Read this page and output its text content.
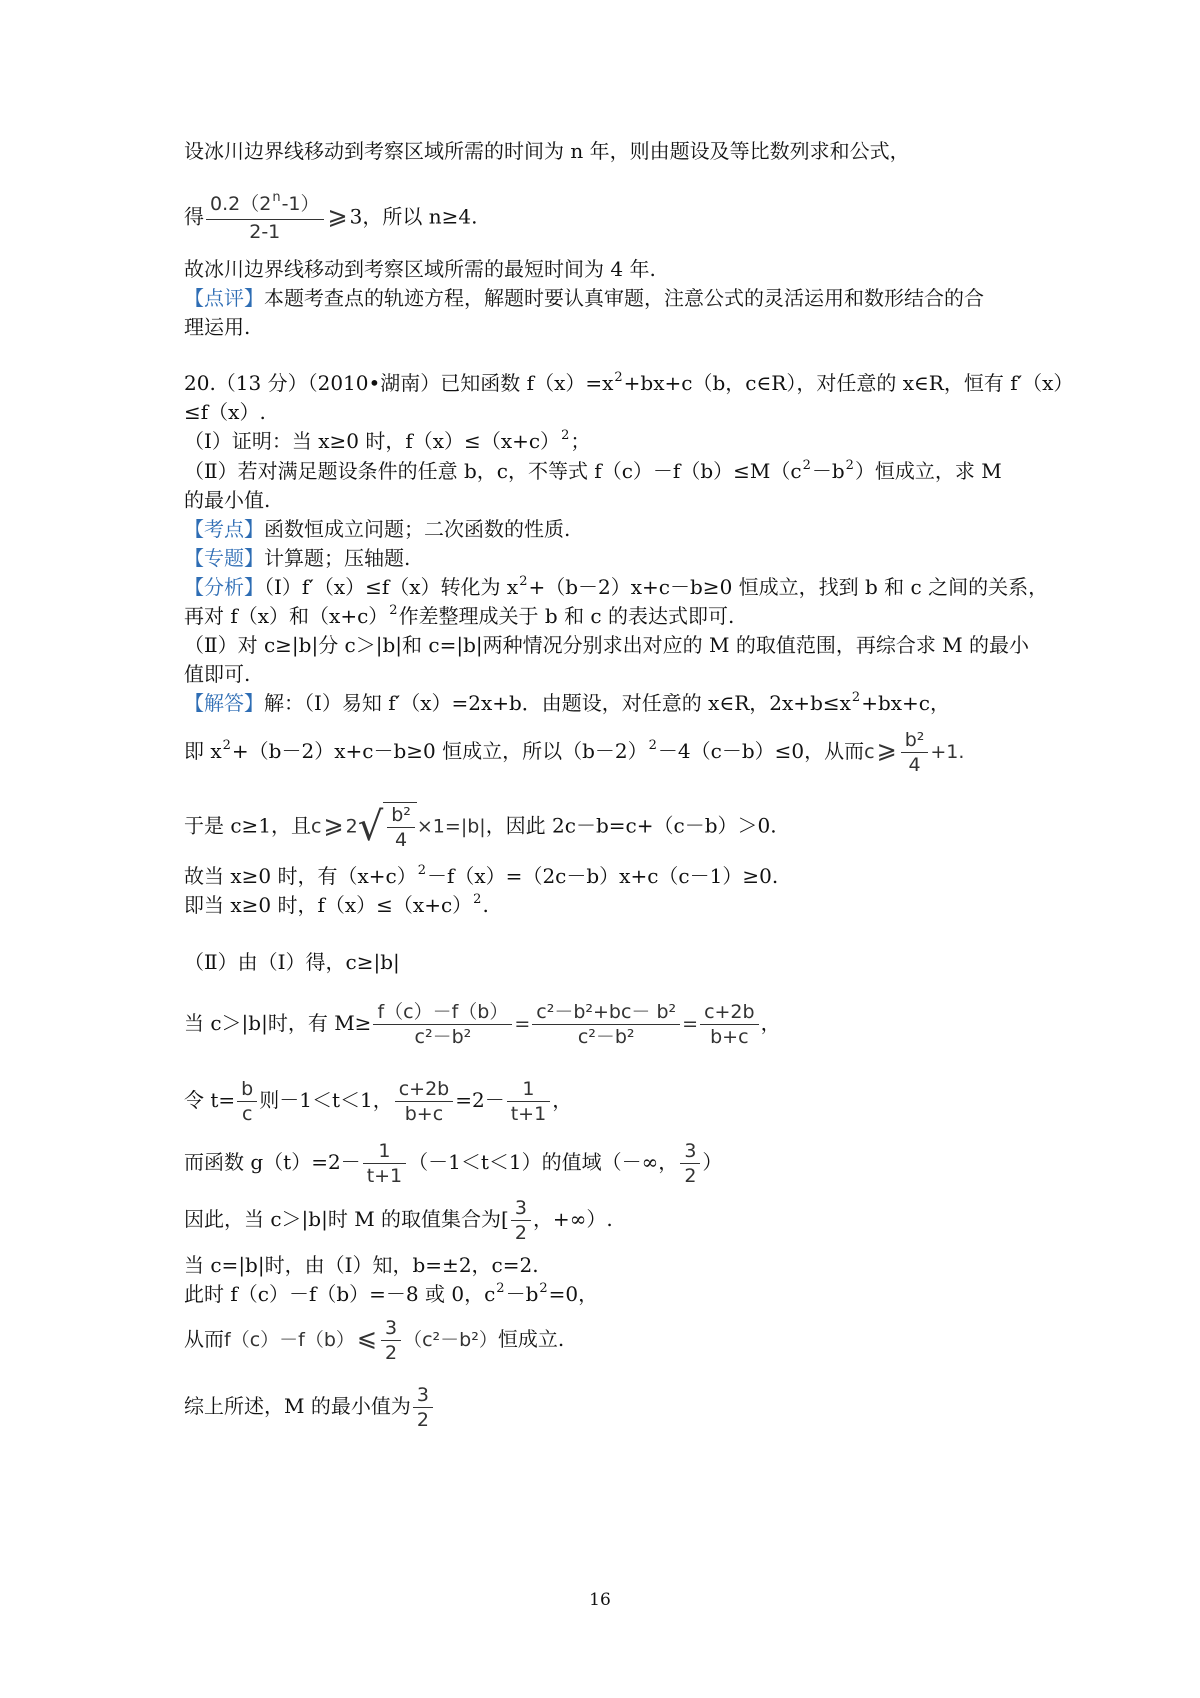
设冰川边界线移动到考察区域所需的时间为 n 年，则由题设及等比数列求和公式，
得 $\frac{0.2(2^n-1)}{2-1}$ ⩾ 3，所以 n≥4.
故冰川边界线移动到考察区域所需的最短时间为 4 年.
【点评】本题考查点的轨迹方程，解题时要认真审题，注意公式的灵活运用和数形结合的合
理运用.
20.（13 分）（2010•湖南）已知函数 $f(x)=x^2+bx+c(b$，c∈R），对任意的 x∈R，恒有 f′（x）
≤f（x）.
（Ⅰ）证明：当 x≥0 时，$f(x)\le(x+c)^2$；
（Ⅱ）若对满足题设条件的任意 b，c，不等式 $f(c)-f(b)\le M(c^2-b^2)$恒成立，求 M
的最小值.
【考点】函数恒成立问题；二次函数的性质.
【专题】计算题；压轴题.
【分析】（Ⅰ）f′（x）≤f（x）转化为 $x^2+(b-2)x+c-b\ge 0$ 恒成立，找到 b 和 c 之间的关系，
再对 f（x）和$(x+c)^2$作差整理成关于 b 和 c 的表达式即可.
（Ⅱ）对 c≥|b|分 c＞|b|和 c=|b|两种情况分别求出对应的 M 的取值范围，再综合求 M 的最小
值即可.
【解答】解：（Ⅰ）易知 f′（x）=2x+b．由题设，对任意的 x∈R，$2x+b\le x^2+bx+c$，
即 $x^2+(b-2)x+c-b\ge 0$ 恒成立，所以$(b-2)^2-4(c-b)\le 0$，从而c⩾ $\frac{\text{b²}}{4} +1$.
于是 c≥1，且c⩾ $2√ \frac{\text{b²}}{4} \times 1=|b|$，因此 2c－b=c+（c－b）＞0.
故当 x≥0 时，有$(x+c)^2-f(x)=(2c-b)x+c(c-1)\ge 0$.
即当 x≥0 时，$f(x)\le(x+c)^2$.
（Ⅱ）由（Ⅰ）得，c≥|b|
当 c＞|b|时，有 $M\ge \frac{f(c)-f(b)}{\text{c²－b²}} = \frac{\text{c²－b²+bc－ b²}}{\text{c²－b²}} = \frac{c+2b}{b+c}$ ，
令 $t= \frac{b}{c}$ 则－1＜t＜1， $\frac{c+2b}{b+c} =2- \frac{1}{t+1}$ ，
而函数 $g(t)=2- \frac{1}{t+1} (-1<t<1)$的值域（－∞， $\frac{3}{2}$ ）
因此，当 c＞|b|时 M 的取值集合为[ $\frac{3}{2}$ ，+∞）.
当 c=|b|时，由（Ⅰ）知，b=±2，c=2.
此时 f（c）－f（b）=－8 或 0，$c^2-b^2=0$，
从而f（c）－f（b）⩽ $\frac{3}{2} (c^2-b^2)$恒成立.
综上所述，M 的最小值为 $\frac{3}{2}$
16
